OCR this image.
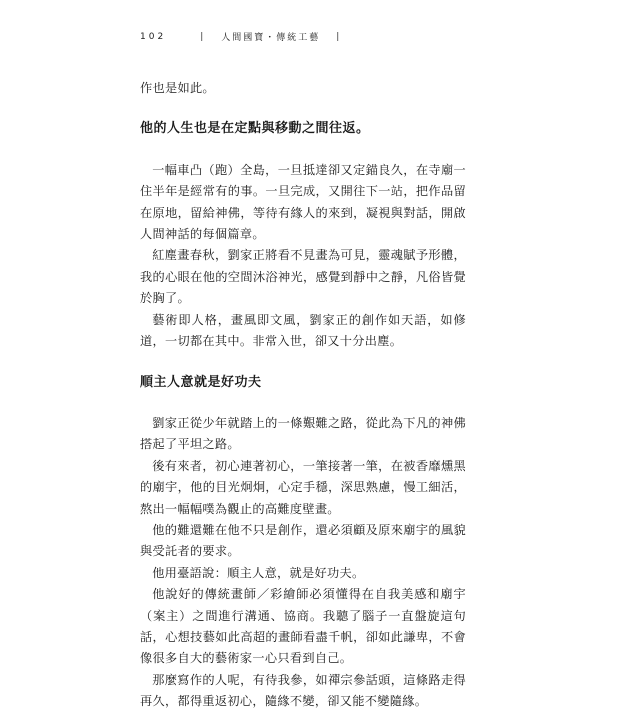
102	| 人間國寶・傳統工藝 |

作也是如此。

他的人生也是在定點與移動之間往返。

一幅車凸（跑）全島，一旦抵達卻又定錨良久，在寺廟一住半年是經常有的事。一旦完成，又開往下一站，把作品留在原地，留給神佛，等待有緣人的來到，凝視與對話，開啟人間神話的每個篇章。

紅塵畫春秋，劉家正將看不見畫為可見，靈魂賦予形體，我的心眼在他的空間沐浴神光，感覺到靜中之靜，凡俗皆覺於胸了。

藝術即人格，畫風即文風，劉家正的創作如天語，如修道，一切都在其中。非常入世，卻又十分出塵。

順主人意就是好功夫

劉家正從少年就踏上的一條艱難之路，從此為下凡的神佛搭起了平坦之路。

後有來者，初心連著初心，一筆接著一筆，在被香靡燻黑的廟宇，他的目光炯炯，心定手穩，深思熟慮，慢工細活，熬出一幅幅噗為觀止的高難度壁畫。

他的難還難在他不只是創作，還必須顧及原來廟宇的風貌與受託者的要求。

他用臺語說：順主人意，就是好功夫。

他說好的傳統畫師／彩繪師必須懂得在自我美感和廟宇（案主）之間進行溝通、協商。我聽了腦子一直盤旋這句話，心想技藝如此高超的畫師看盡千帆，卻如此謙卑，不會像很多自大的藝術家一心只看到自己。

那麼寫作的人呢，有待我參，如禪宗參話頭，這條路走得再久，都得重返初心，隨緣不變，卻又能不變隨緣。
